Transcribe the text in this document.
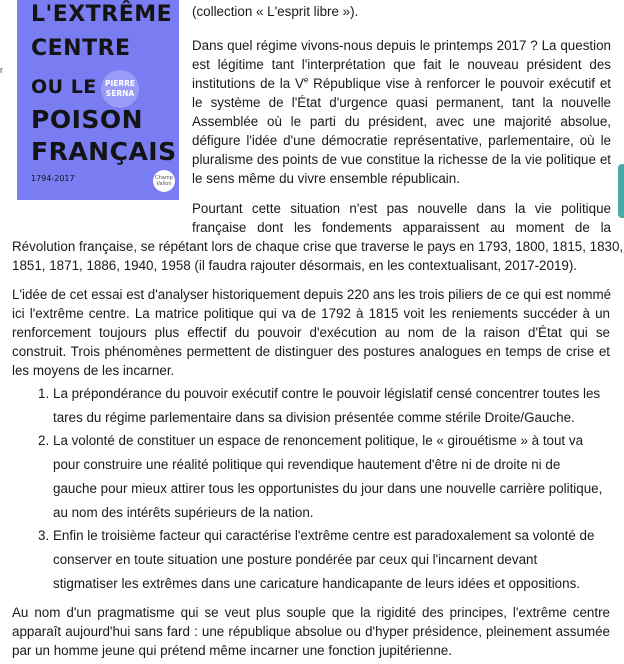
r
L'EXTRÊME
CENTRE
OU LE	PIERRE
SERNA
POISON
FRANÇAIS
1794-2017	Champ
Vallon
(collection « L'esprit libre »).
Dans quel régime vivons-nous depuis le printemps 2017 ? La question
est légitime tant l'interprétation que fait le nouveau président des
institutions de la Ve République vise à renforcer le pouvoir exécutif et
le système de l'État d'urgence quasi permanent, tant la nouvelle
Assemblée où le parti du président, avec une majorité absolue,
défigure l'idée d'une démocratie représentative, parlementaire, où le
pluralisme des points de vue constitue la richesse de la vie politique et
le sens même du vivre ensemble républicain.
Pourtant cette situation n'est pas nouvelle dans la vie politique
française dont les fondements apparaissent au moment de la
Révolution française, se répétant lors de chaque crise que traverse le pays en 1793, 1800, 1815, 1830,
1851, 1871, 1886, 1940, 1958 (il faudra rajouter désormais, en les contextualisant, 2017-2019).
L'idée de cet essai est d'analyser historiquement depuis 220 ans les trois piliers de ce qui est nommé
ici l'extrême centre. La matrice politique qui va de 1792 à 1815 voit les reniements succéder à un
renforcement toujours plus effectif du pouvoir d'exécution au nom de la raison d'État qui se
construit. Trois phénomènes permettent de distinguer des postures analogues en temps de crise et
les moyens de les incarner.
1. La prépondérance du pouvoir exécutif contre le pouvoir législatif censé concentrer toutes les
tares du régime parlementaire dans sa division présentée comme stérile Droite/Gauche.
2. La volonté de constituer un espace de renoncement politique, le « girouétisme » à tout va
pour construire une réalité politique qui revendique hautement d'être ni de droite ni de
gauche pour mieux attirer tous les opportunistes du jour dans une nouvelle carrière politique,
au nom des intérêts supérieurs de la nation.
3. Enfin le troisième facteur qui caractérise l'extrême centre est paradoxalement sa volonté de
conserver en toute situation une posture pondérée par ceux qui l'incarnent devant
stigmatiser les extrêmes dans une caricature handicapante de leurs idées et oppositions.
Au nom d'un pragmatisme qui se veut plus souple que la rigidité des principes, l'extrême centre
apparaît aujourd'hui sans fard : une république absolue ou d'hyper présidence, pleinement assumée
par un homme jeune qui prétend même incarner une fonction jupitérienne.
